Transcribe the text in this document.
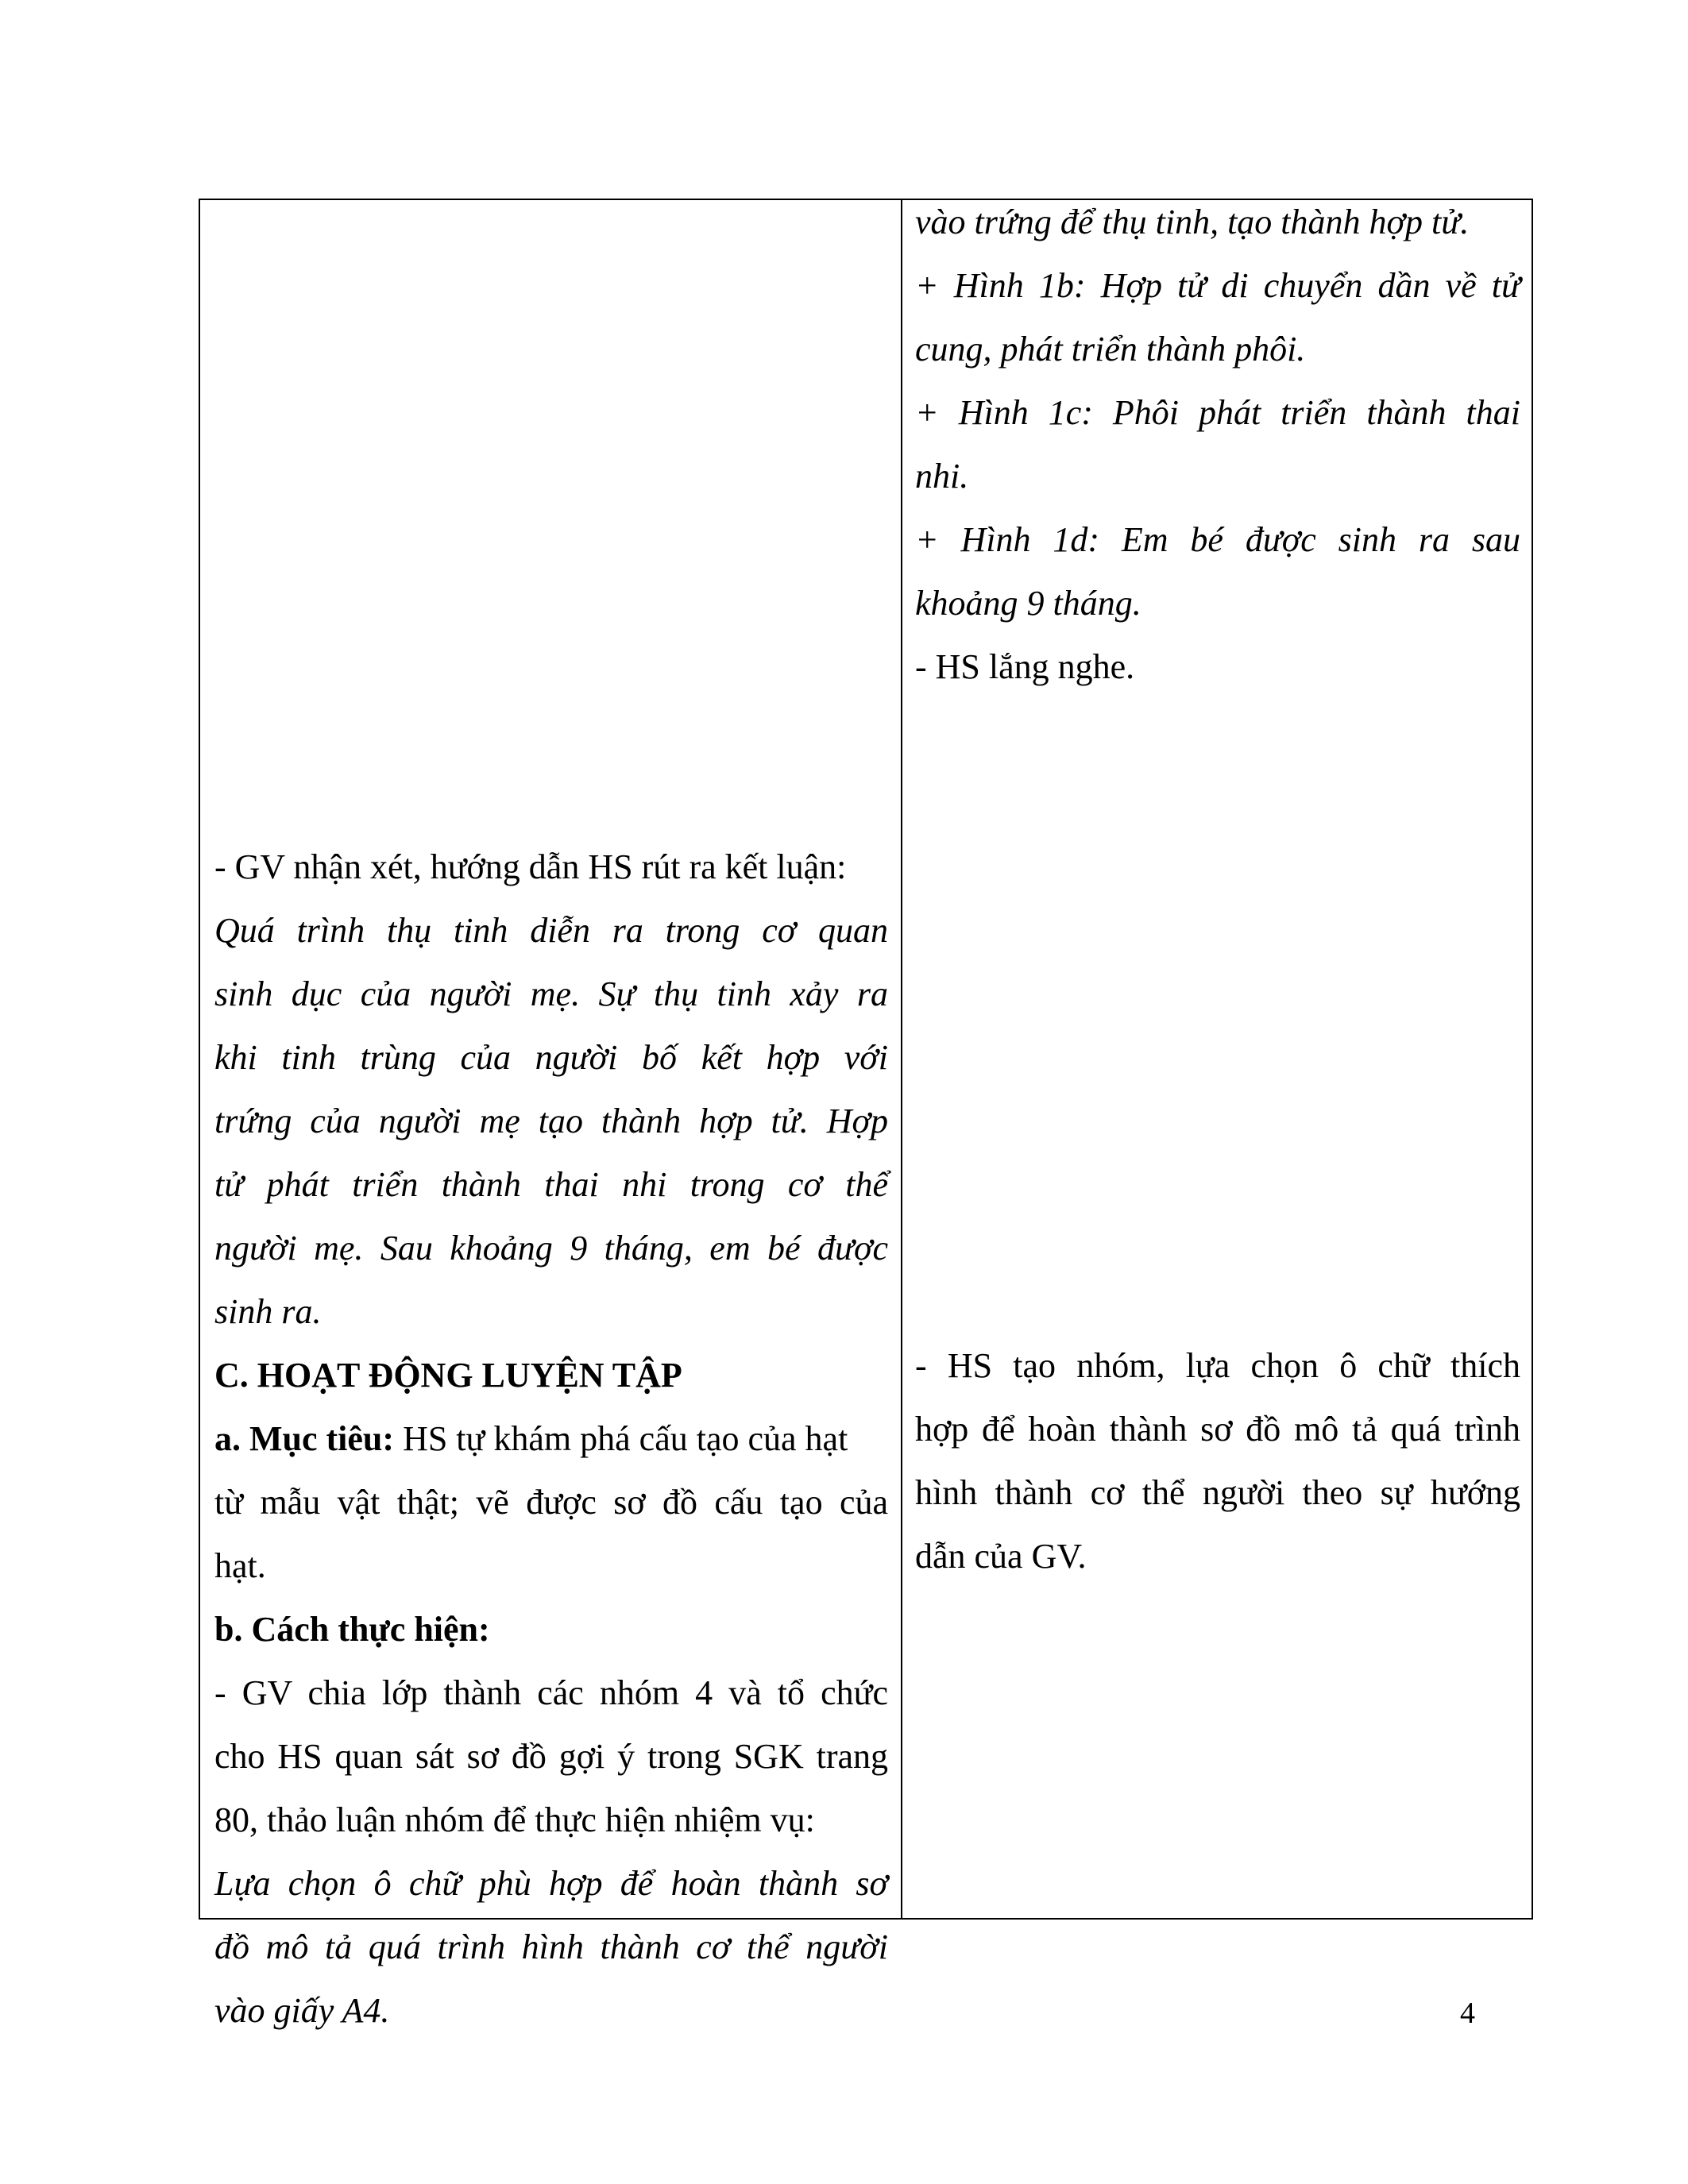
- GV nhận xét, hướng dẫn HS rút ra kết luận:
Quá trình thụ tinh diễn ra trong cơ quan
sinh dục của người mẹ. Sự thụ tinh xảy ra
khi tinh trùng của người bố kết hợp với
trứng của người mẹ tạo thành hợp tử. Hợp
tử phát triển thành thai nhi trong cơ thể
người mẹ. Sau khoảng 9 tháng, em bé được
sinh ra.
C. HOẠT ĐỘNG LUYỆN TẬP
a. Mục tiêu: HS tự khám phá cấu tạo của hạt
từ mẫu vật thật; vẽ được sơ đồ cấu tạo của
hạt.
b. Cách thực hiện:
- GV chia lớp thành các nhóm 4 và tổ chức
cho HS quan sát sơ đồ gợi ý trong SGK trang
80, thảo luận nhóm để thực hiện nhiệm vụ:
Lựa chọn ô chữ phù hợp để hoàn thành sơ
đồ mô tả quá trình hình thành cơ thể người
vào giấy A4.
vào trứng để thụ tinh, tạo thành hợp tử.
+ Hình 1b: Hợp tử di chuyển dần về tử
cung, phát triển thành phôi.
+ Hình 1c: Phôi phát triển thành thai
nhi.
+ Hình 1d: Em bé được sinh ra sau
khoảng 9 tháng.
- HS lắng nghe.
- HS tạo nhóm, lựa chọn ô chữ thích
hợp để hoàn thành sơ đồ mô tả quá trình
hình thành cơ thể người theo sự hướng
dẫn của GV.
4
